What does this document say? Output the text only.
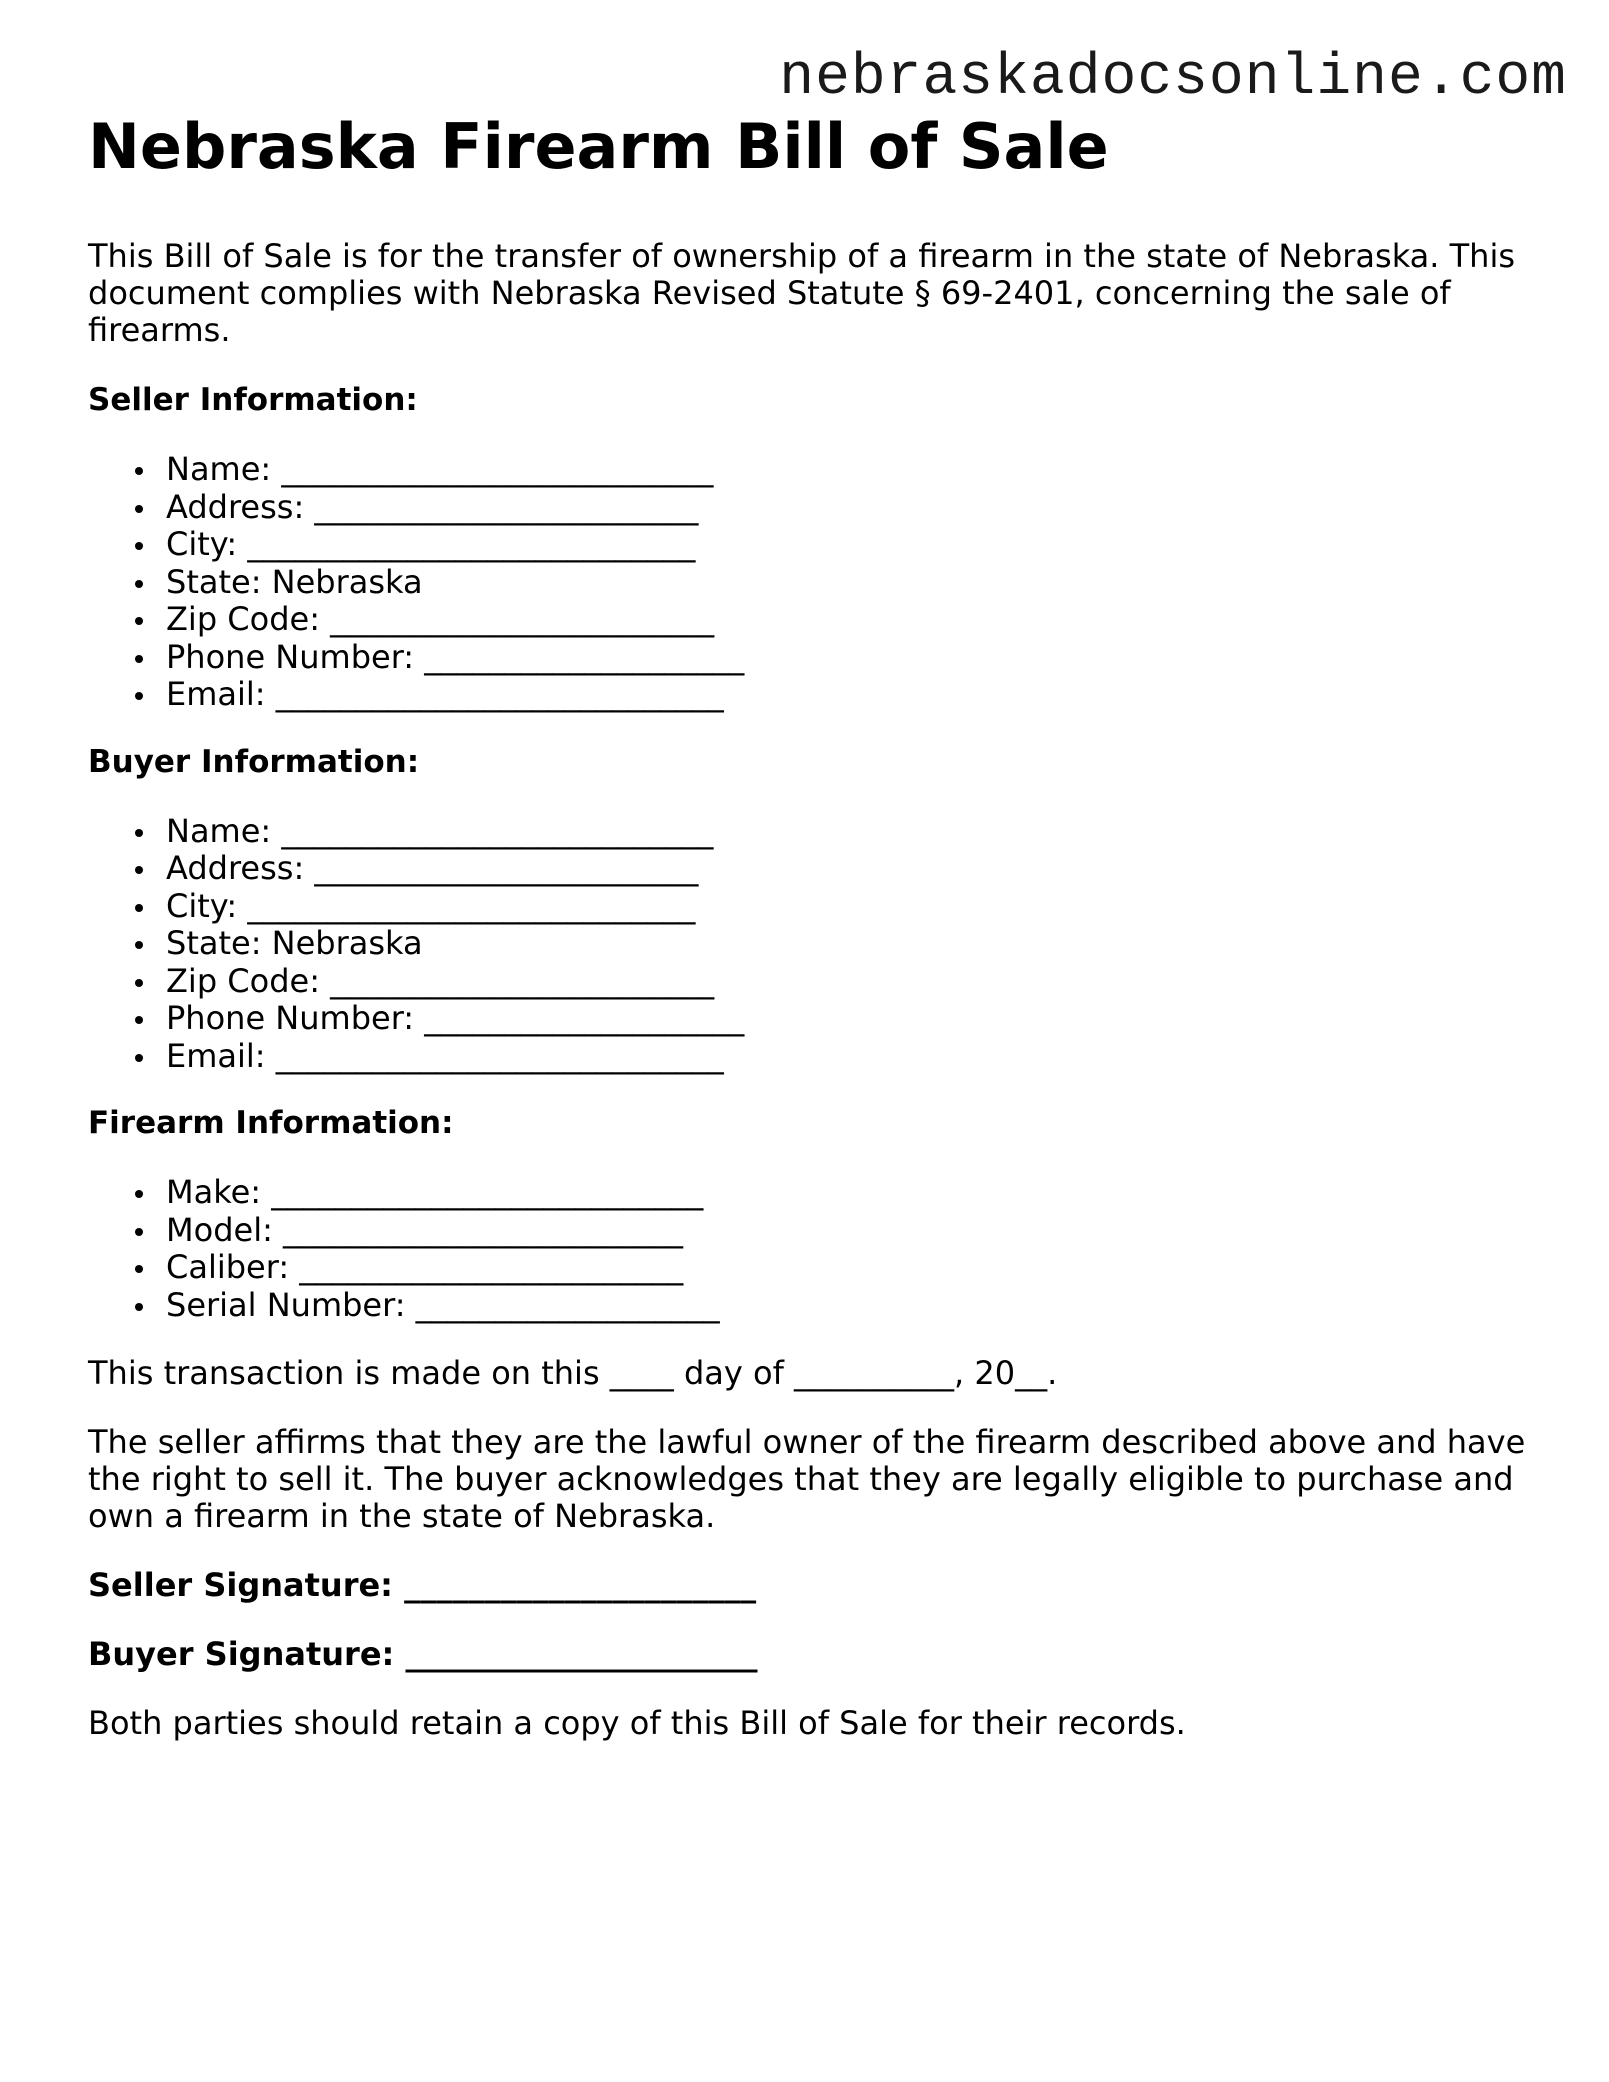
nebraskadocsonline.com
Nebraska Firearm Bill of Sale

This Bill of Sale is for the transfer of ownership of a firearm in the state of Nebraska. This document complies with Nebraska Revised Statute § 69-2401, concerning the sale of firearms.

Seller Information:
Name: ___________________________
Address: ________________________
City: ____________________________
State: Nebraska
Zip Code: ________________________
Phone Number: ____________________
Email: ____________________________
Buyer Information:
Name: ___________________________
Address: ________________________
City: ____________________________
State: Nebraska
Zip Code: ________________________
Phone Number: ____________________
Email: ____________________________
Firearm Information:
Make: ___________________________
Model: _________________________
Caliber: ________________________
Serial Number: ___________________

This transaction is made on this ____ day of __________, 20__.

The seller affirms that they are the lawful owner of the firearm described above and have the right to sell it. The buyer acknowledges that they are legally eligible to purchase and own a firearm in the state of Nebraska.

Seller Signature: ______________________

Buyer Signature: ______________________

Both parties should retain a copy of this Bill of Sale for their records.
